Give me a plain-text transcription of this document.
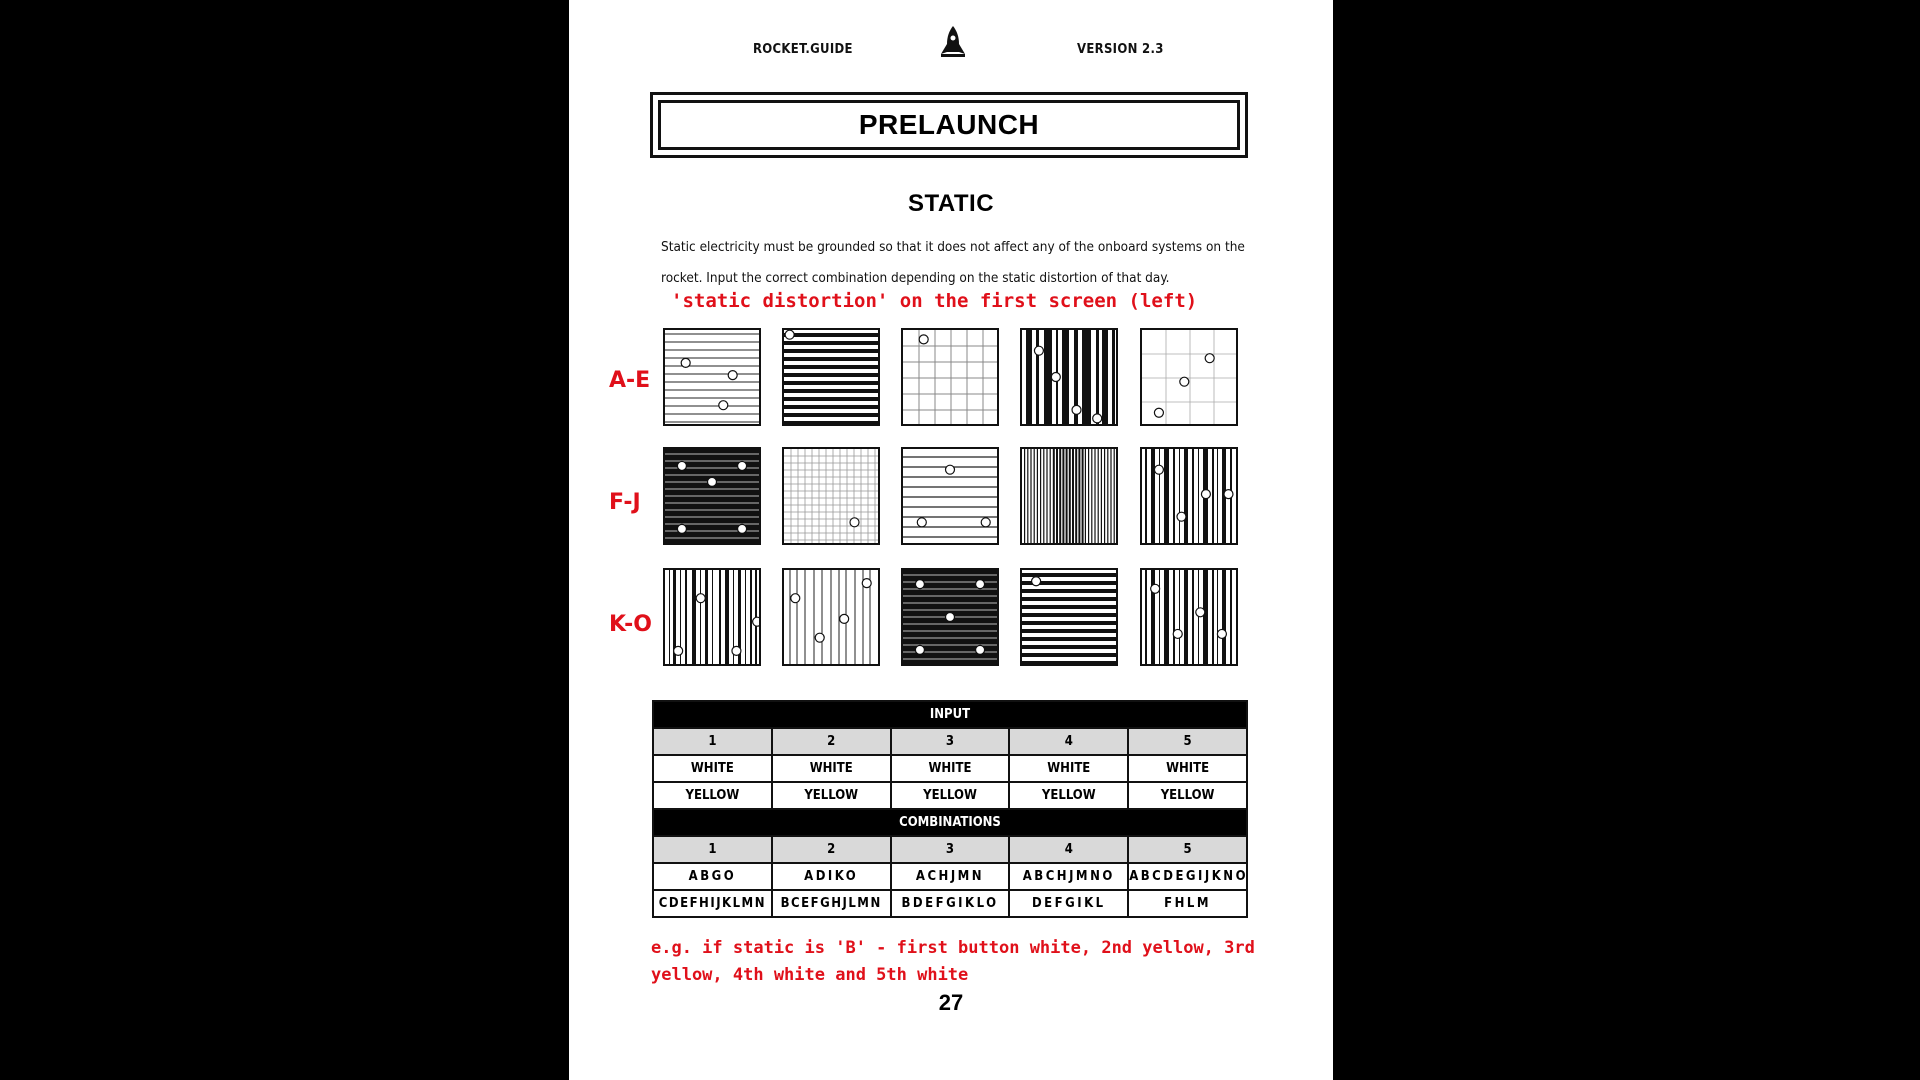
ROCKET.GUIDE	VERSION 2.3
PRELAUNCH
STATIC
Static electricity must be grounded so that it does not affect any of the onboard systems on the rocket. Input the correct combination depending on the static distortion of that day.
'static distortion' on the first screen (left)
A-E
F-J
K-O
INPUT				
1	2	3	4	5
WHITE	WHITE	WHITE	WHITE	WHITE
YELLOW	YELLOW	YELLOW	YELLOW	YELLOW
COMBINATIONS				
1	2	3	4	5
ABGO	ADIKO	ACHJMN	ABCHJMNO	ABCDEGIJKNO
CDEFHIJKLMN	BCEFGHJLMN	BDEFGIKLO	DEFGIKL	FHLM
e.g. if static is 'B' - first button white, 2nd yellow, 3rd
yellow, 4th white and 5th white
27
